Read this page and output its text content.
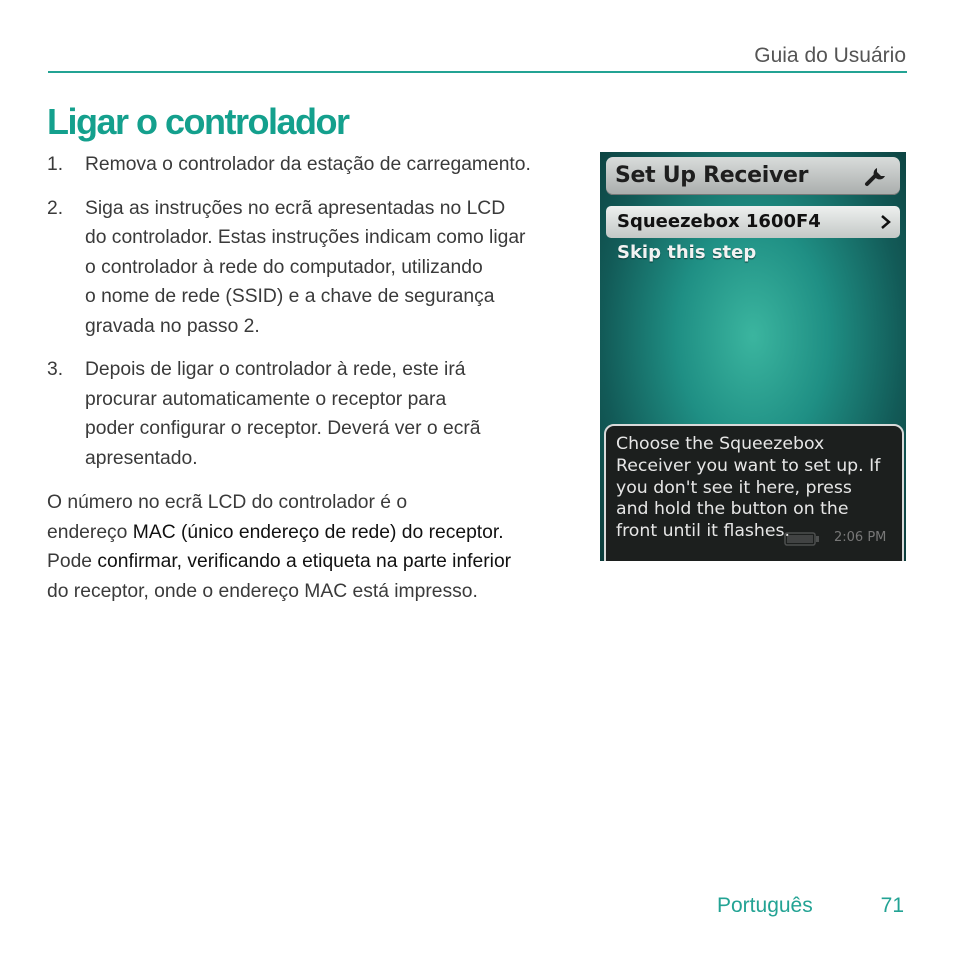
Guia do Usuário
Ligar o controlador
1. Remova o controlador da estação de carregamento.
2. Siga as instruções no ecrã apresentadas no LCD
do controlador. Estas instruções indicam como ligar
o controlador à rede do computador, utilizando
o nome de rede (SSID) e a chave de segurança
gravada no passo 2.
3. Depois de ligar o controlador à rede, este irá
procurar automaticamente o receptor para
poder configurar o receptor. Deverá ver o ecrã
apresentado.

O número no ecrã LCD do controlador é o
endereço MAC (único endereço de rede) do receptor.
Pode confirmar, verificando a etiqueta na parte inferior
do receptor, onde o endereço MAC está impresso.

Set Up Receiver
Squeezebox 1600F4
Skip this step
Choose the Squeezebox
Receiver you want to set up. If
you don't see it here, press
and hold the button on the
front until it flashes.	2:06 PM
Português	71
